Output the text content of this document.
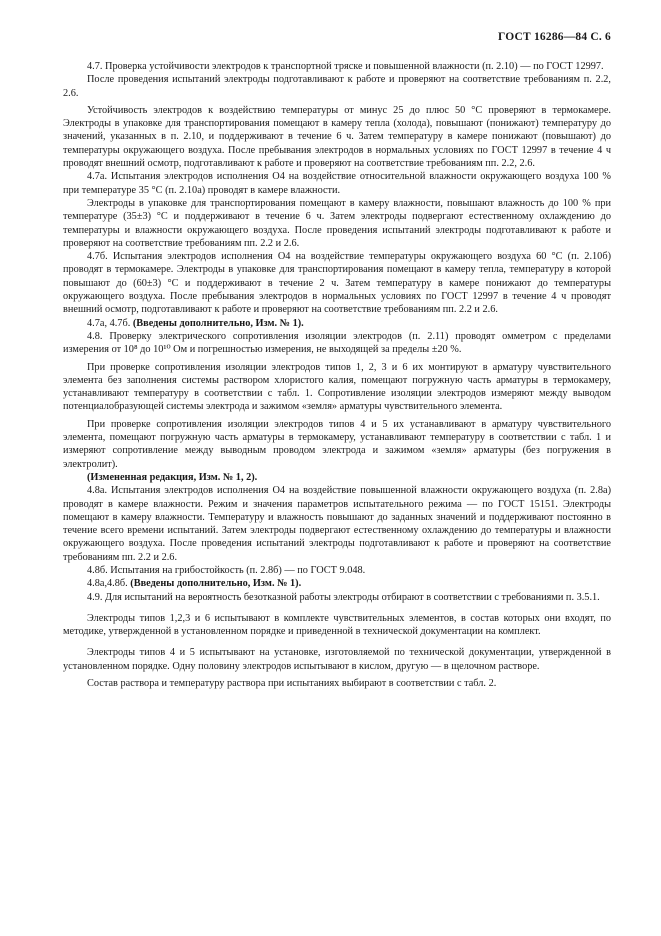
ГОСТ 16286—84 С. 6

4.7. Проверка устойчивости электродов к транспортной тряске и повышенной влажности (п. 2.10) — по ГОСТ 12997.

После проведения испытаний электроды подготавливают к работе и проверяют на соответствие требованиям п. 2.2, 2.6.

Устойчивость электродов к воздействию температуры от минус 25 до плюс 50 °С проверяют в термокамере. Электроды в упаковке для транспортирования помещают в камеру тепла (холода), повышают (понижают) температуру до значений, указанных в п. 2.10, и поддерживают в течение 6 ч. Затем температуру в камере понижают (повышают) до температуры окружающего воздуха. После пребывания электродов в нормальных условиях по ГОСТ 12997 в течение 4 ч проводят внешний осмотр, подготавливают к работе и проверяют на соответствие требованиям пп. 2.2, 2.6.

4.7а. Испытания электродов исполнения О4 на воздействие относительной влажности окружающего воздуха 100 % при температуре 35 °С (п. 2.10а) проводят в камере влажности.

Электроды в упаковке для транспортирования помещают в камеру влажности, повышают влажность до 100 % при температуре (35±3) °С и поддерживают в течение 6 ч. Затем электроды подвергают естественному охлаждению до температуры и влажности окружающего воздуха. После проведения испытаний электроды подготавливают к работе и проверяют на соответствие требованиям пп. 2.2 и 2.6.

4.7б. Испытания электродов исполнения О4 на воздействие температуры окружающего воздуха 60 °С (п. 2.10б) проводят в термокамере. Электроды в упаковке для транспортирования помещают в камеру тепла, температуру в которой повышают до (60±3) °С и поддерживают в течение 2 ч. Затем температуру в камере понижают до температуры окружающего воздуха. После пребывания электродов в нормальных условиях по ГОСТ 12997 в течение 4 ч проводят внешний осмотр, подготавливают к работе и проверяют на соответствие требованиям пп. 2.2 и 2.6.

4.7а, 4.7б. (Введены дополнительно, Изм. № 1).

4.8. Проверку электрического сопротивления изоляции электродов (п. 2.11) проводят омметром с пределами измерения от 10⁸ до 10¹⁰ Ом и погрешностью измерения, не выходящей за пределы ±20 %.

При проверке сопротивления изоляции электродов типов 1, 2, 3 и 6 их монтируют в арматуру чувствительного элемента без заполнения системы раствором хлористого калия, помещают погружную часть арматуры в термокамеру, устанавливают температуру в соответствии с табл. 1. Сопротивление изоляции электродов измеряют между выводом потенциалобразующей системы электрода и зажимом «земля» арматуры чувствительного элемента.

При проверке сопротивления изоляции электродов типов 4 и 5 их устанавливают в арматуру чувствительного элемента, помещают погружную часть арматуры в термокамеру, устанавливают температуру в соответствии с табл. 1 и измеряют сопротивление между выводным проводом электрода и зажимом «земля» арматуры (без погружения в электролит).

(Измененная редакция, Изм. № 1, 2).

4.8а. Испытания электродов исполнения О4 на воздействие повышенной влажности окружающего воздуха (п. 2.8а) проводят в камере влажности. Режим и значения параметров испытательного режима — по ГОСТ 15151. Электроды помещают в камеру влажности. Температуру и влажность повышают до заданных значений и поддерживают постоянно в течение всего времени испытаний. Затем электроды подвергают естественному охлаждению до температуры и влажности окружающего воздуха. После проведения испытаний электроды подготавливают к работе и проверяют на соответствие требованиям пп. 2.2 и 2.6.

4.8б. Испытания на грибостойкость (п. 2.8б) — по ГОСТ 9.048.

4.8а,4.8б. (Введены дополнительно, Изм. № 1).

4.9. Для испытаний на вероятность безотказной работы электроды отбирают в соответствии с требованиями п. 3.5.1.

Электроды типов 1,2,3 и 6 испытывают в комплекте чувствительных элементов, в состав которых они входят, по методике, утвержденной в установленном порядке и приведенной в технической документации на комплект.

Электроды типов 4 и 5 испытывают на установке, изготовляемой по технической документации, утвержденной в установленном порядке. Одну половину электродов испытывают в кислом, другую — в щелочном растворе.

Состав раствора и температуру раствора при испытаниях выбирают в соответствии с табл. 2.
